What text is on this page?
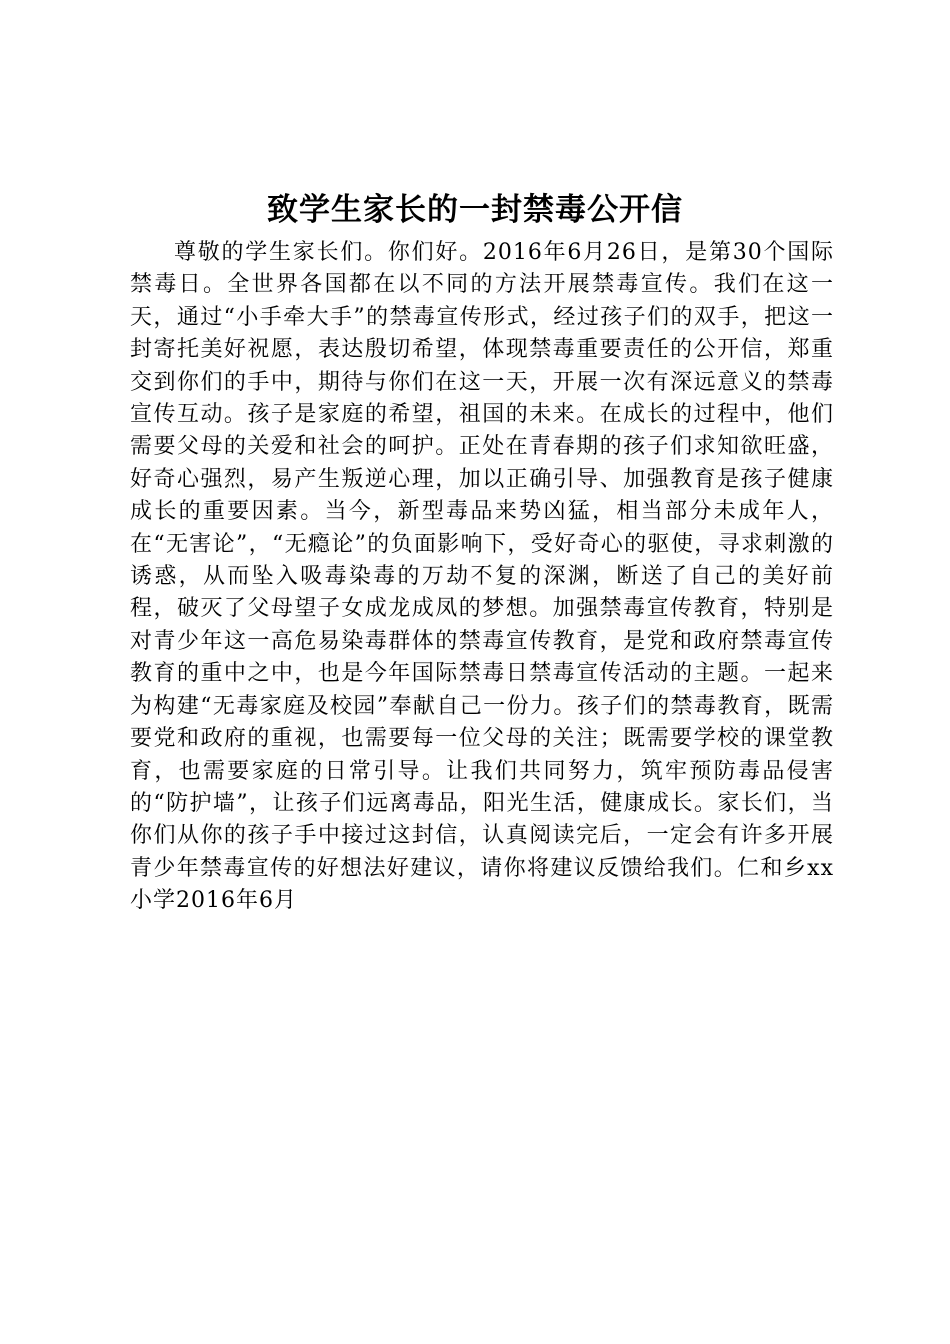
致学生家长的一封禁毒公开信

尊敬的学生家长们。你们好。2016年6月26日，是第30个国际禁毒日。全世界各国都在以不同的方法开展禁毒宣传。我们在这一天，通过“小手牵大手”的禁毒宣传形式，经过孩子们的双手，把这一封寄托美好祝愿，表达殷切希望，体现禁毒重要责任的公开信，郑重交到你们的手中，期待与你们在这一天，开展一次有深远意义的禁毒宣传互动。孩子是家庭的希望，祖国的未来。在成长的过程中，他们需要父母的关爱和社会的呵护。正处在青春期的孩子们求知欲旺盛，好奇心强烈，易产生叛逆心理，加以正确引导、加强教育是孩子健康成长的重要因素。当今，新型毒品来势凶猛，相当部分未成年人，在“无害论”，“无瘾论”的负面影响下，受好奇心的驱使，寻求刺激的诱惑，从而坠入吸毒染毒的万劫不复的深渊，断送了自己的美好前程，破灭了父母望子女成龙成凤的梦想。加强禁毒宣传教育，特别是对青少年这一高危易染毒群体的禁毒宣传教育，是党和政府禁毒宣传教育的重中之中，也是今年国际禁毒日禁毒宣传活动的主题。一起来为构建“无毒家庭及校园”奉献自己一份力。孩子们的禁毒教育，既需要党和政府的重视，也需要每一位父母的关注；既需要学校的课堂教育，也需要家庭的日常引导。让我们共同努力，筑牢预防毒品侵害的“防护墙”，让孩子们远离毒品，阳光生活，健康成长。家长们，当你们从你的孩子手中接过这封信，认真阅读完后，一定会有许多开展青少年禁毒宣传的好想法好建议，请你将建议反馈给我们。仁和乡xx小学2016年6月
